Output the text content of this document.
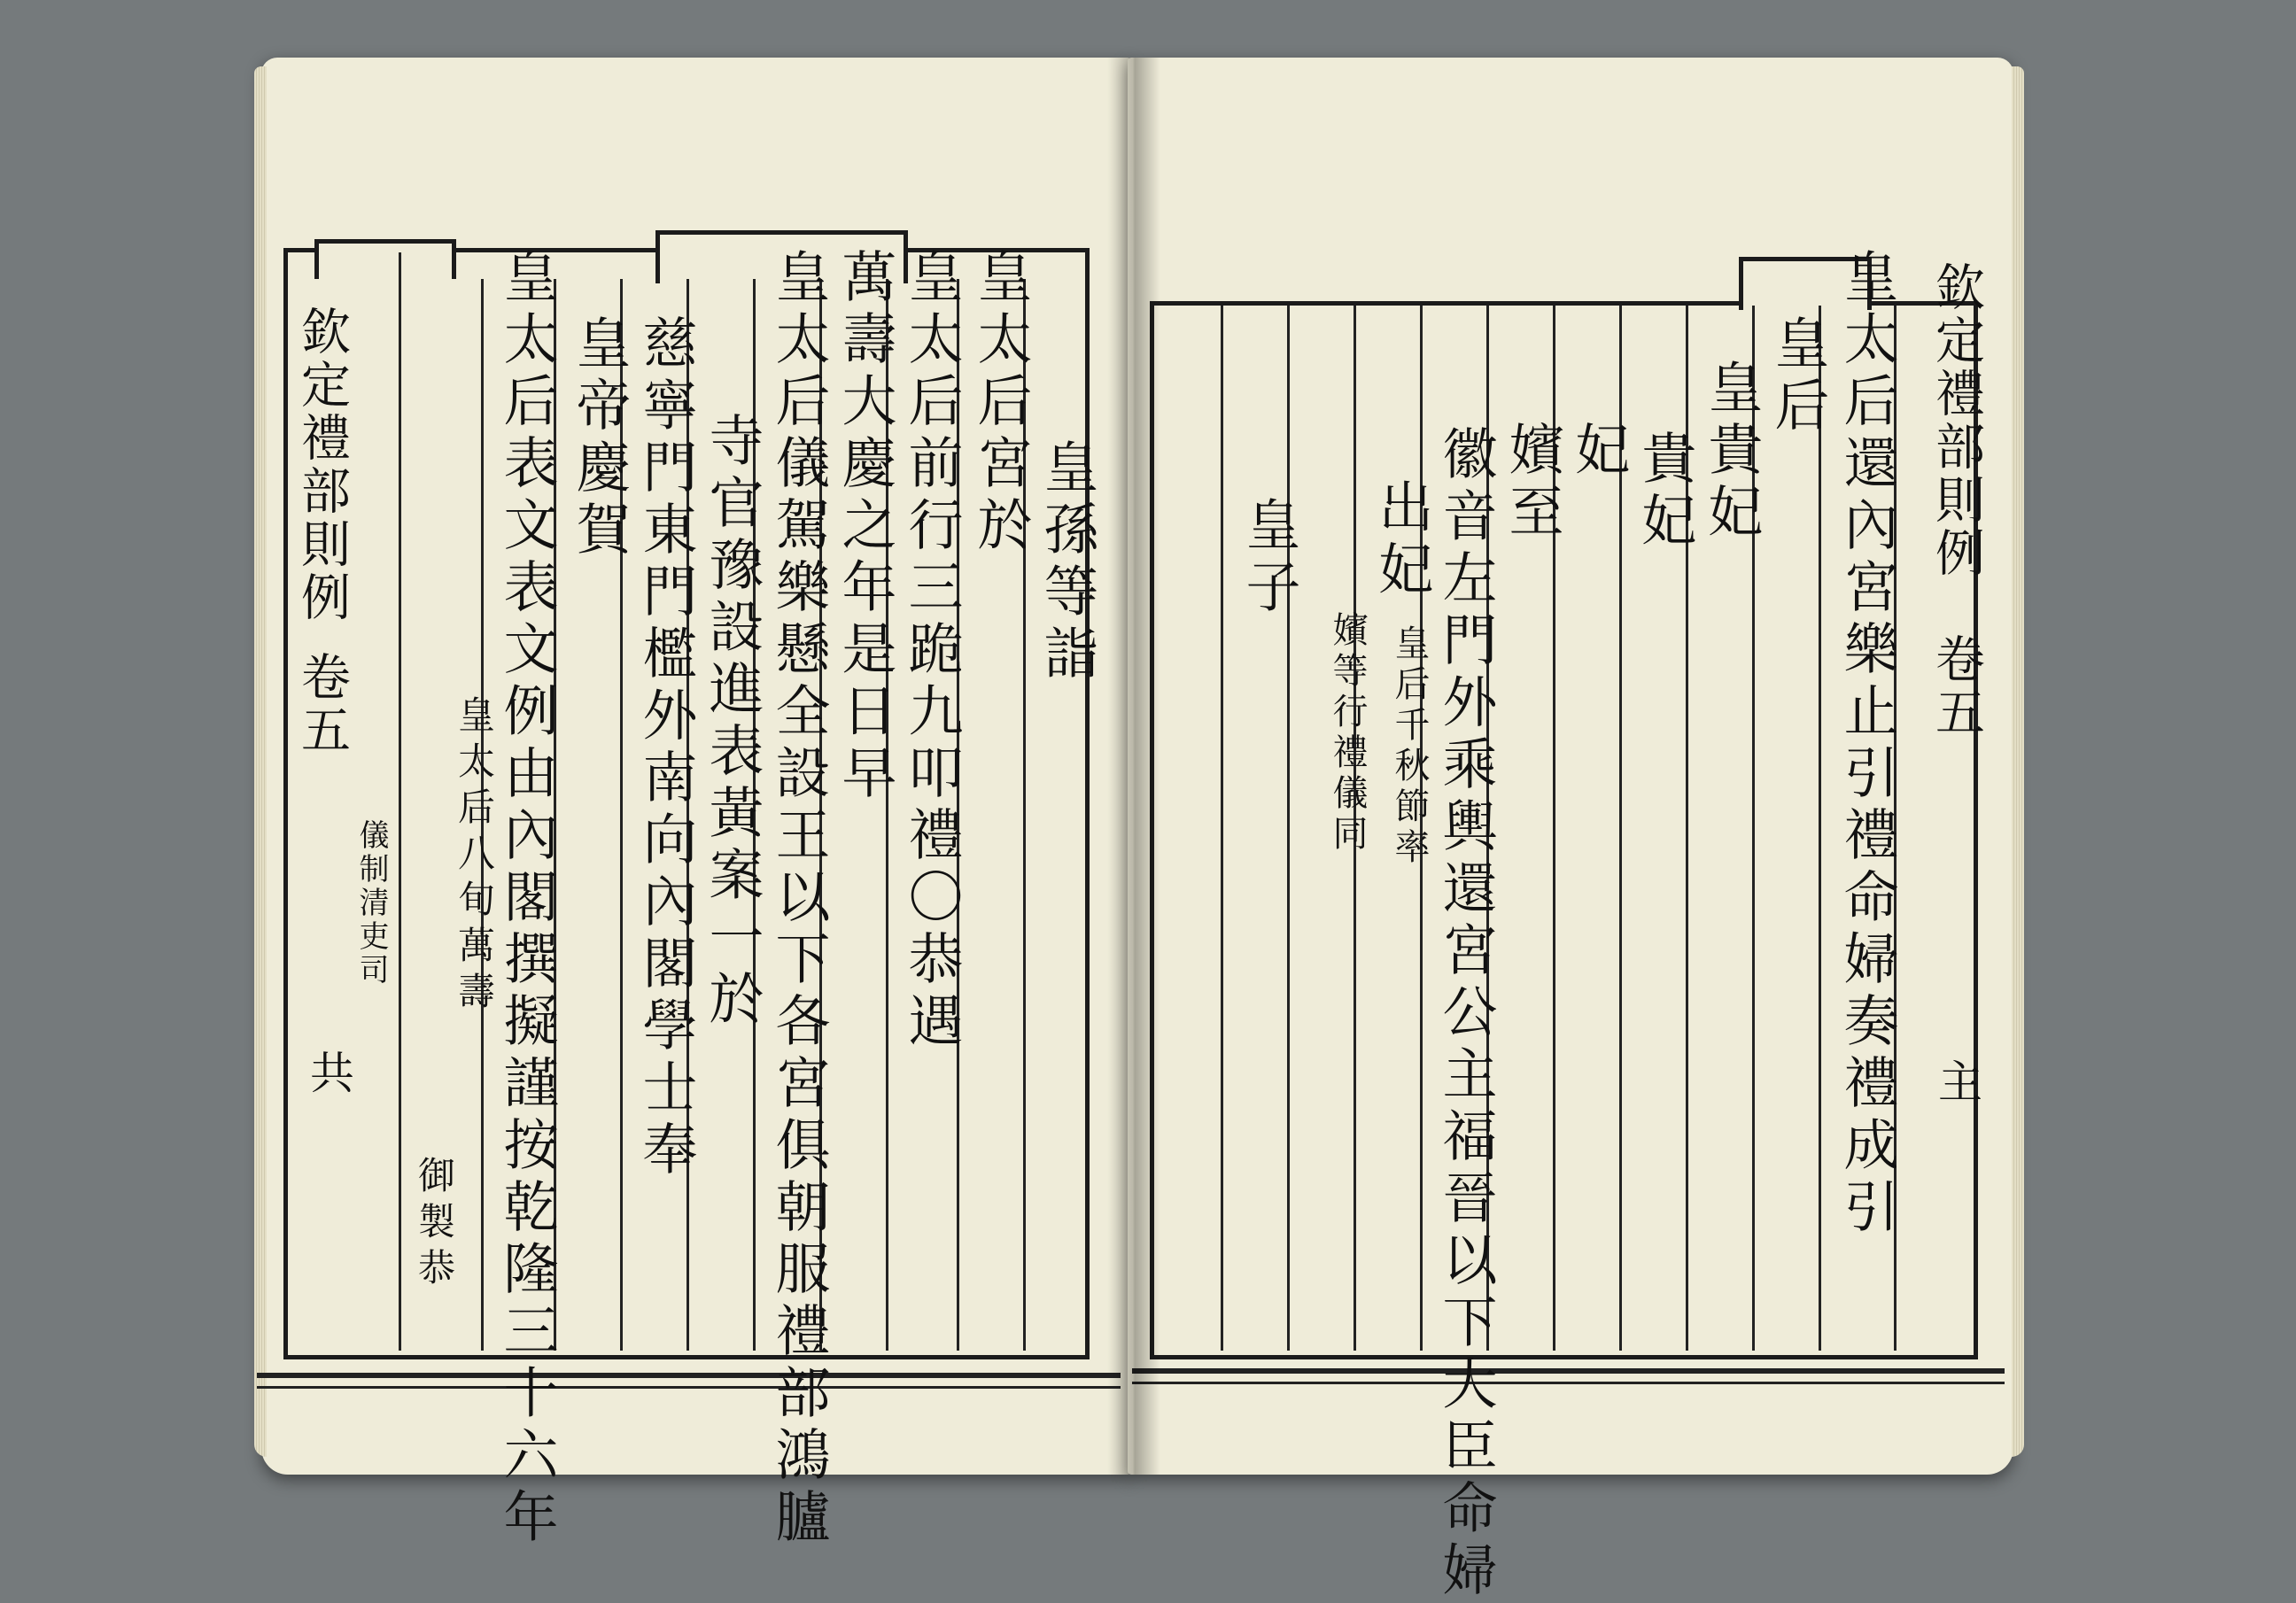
欽定禮部則例
卷五
儀制清吏司
共
皇孫等詣
皇太后宮於
皇太后前行三跪九叩禮〇恭遇
萬壽大慶之年是日早
皇太后儀駕樂懸全設王以下各宮俱朝服禮部鴻臚
寺官豫設進表黃案一於
慈寧門東門檻外南向內閣學士奉
皇帝慶賀
皇太后表文表文例由內閣撰擬謹按乾隆三十六年
皇太后八旬萬壽
御製恭
欽定禮部則例
卷五
主
皇太后還內宮樂止引禮命婦奏禮成引
皇后
皇貴妃
貴妃
妃
嬪至
徽音左門外乘輿還宮公主福晉以下大臣命婦
皇后千秋節率
出妃
嬪等行禮儀同
皇子
